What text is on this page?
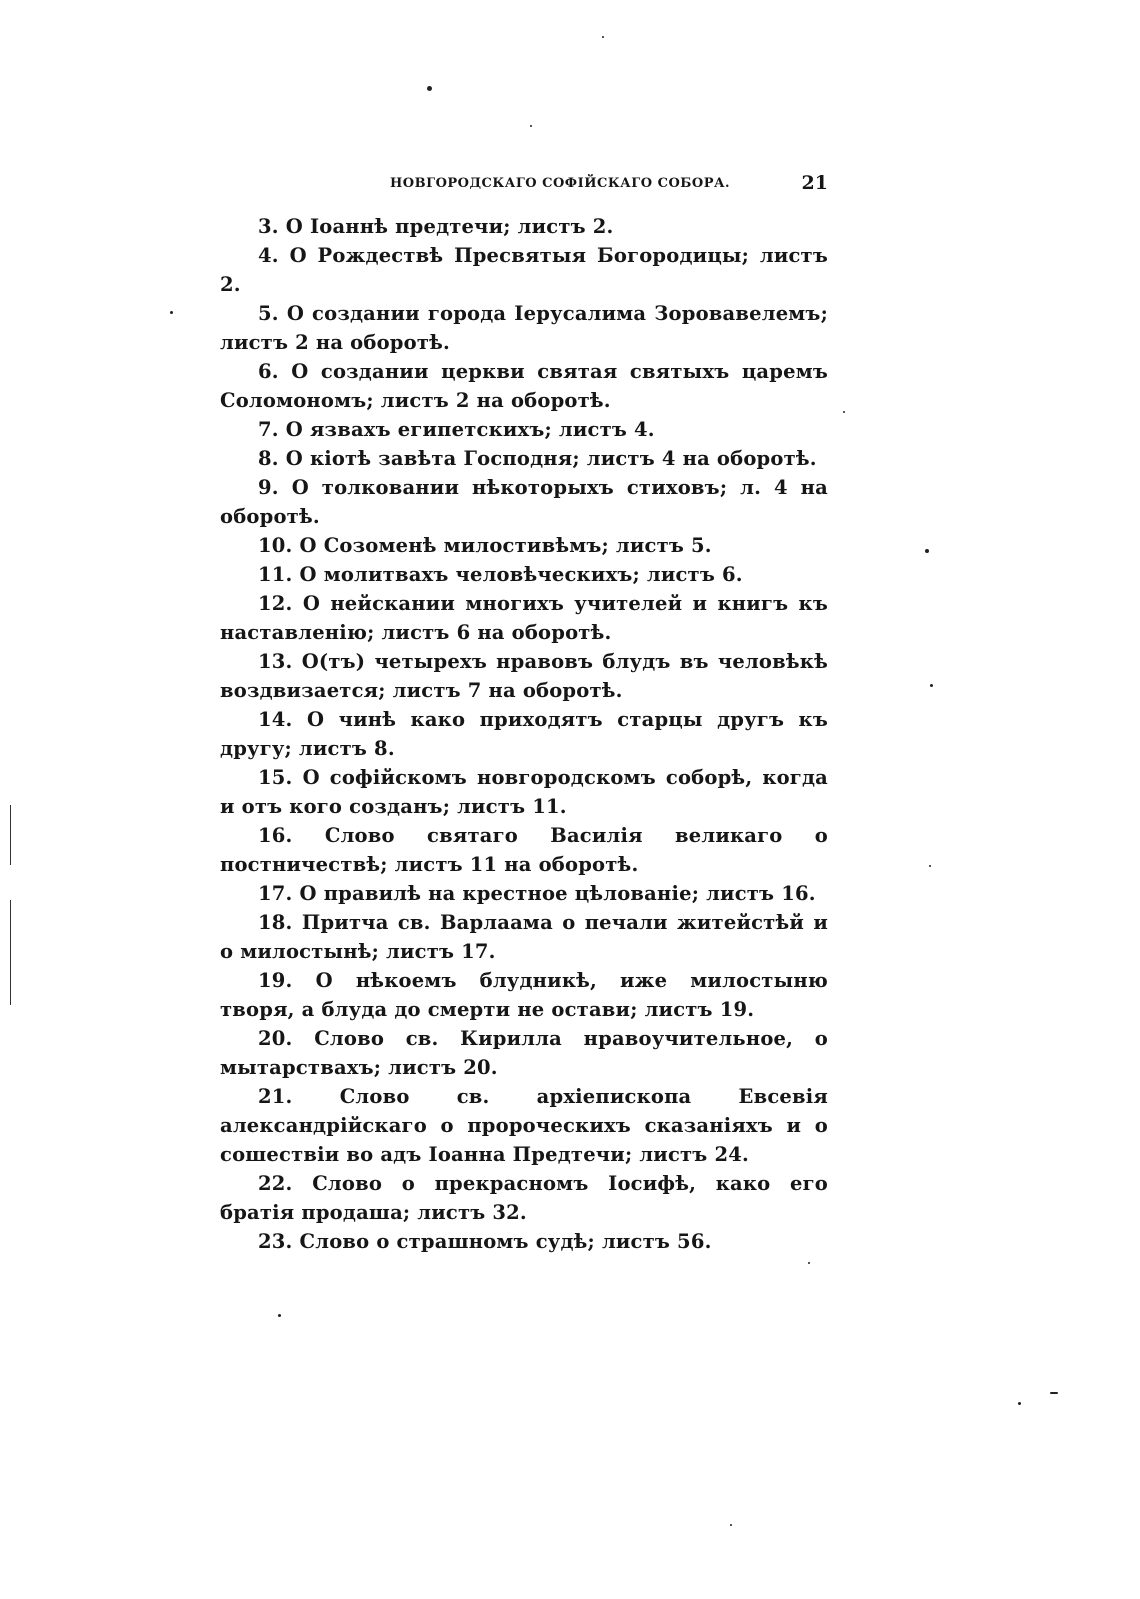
НОВГОРОДСКАГО СОФІЙСКАГО СОБОРА.	21
3. О Іоаннѣ предтечи; листъ 2.
4. О Рождествѣ Пресвятыя Богородицы; листъ 2.
5. О создании города Іерусалима Зоровавелемъ; листъ 2 на оборотѣ.
6. О создании церкви святая святыхъ царемъ Соломономъ; листъ 2 на оборотѣ.
7. О язвахъ египетскихъ; листъ 4.
8. О кiотѣ завѣта Господня; листъ 4 на оборотѣ.
9. О толковании нѣкоторыхъ стиховъ; л. 4 на оборотѣ.
10. О Созоменѣ милостивѣмъ; листъ 5.
11. О молитвахъ человѣческихъ; листъ 6.
12. О нейскании многихъ учителей и книгъ къ наставленію; листъ 6 на оборотѣ.
13. О(тъ) четырехъ нравовъ блудъ въ человѣкѣ воздвизается; листъ 7 на оборотѣ.
14. О чинѣ како приходятъ старцы другъ къ другу; листъ 8.
15. О софійскомъ новгородскомъ соборѣ, когда и отъ кого созданъ; листъ 11.
16. Слово святаго Василія великаго о постничествѣ; листъ 11 на оборотѣ.
17. О правилѣ на крестное цѣлованіе; листъ 16.
18. Притча св. Варлаама о печали житейстѣй и о милостынѣ; листъ 17.
19. О нѣкоемъ блудникѣ, иже милостыню творя, а блуда до смерти не остави; листъ 19.
20. Слово св. Кирилла нравоучительное, о мытарствахъ; листъ 20.
21. Слово св. архіепископа Евсевія александрійскаго о пророческихъ сказаніяхъ и о сошествіи во адъ Іоанна Предтечи; листъ 24.
22. Слово о прекрасномъ Іосифѣ, како его братія продаша; листъ 32.
23. Слово о страшномъ судѣ; листъ 56.
